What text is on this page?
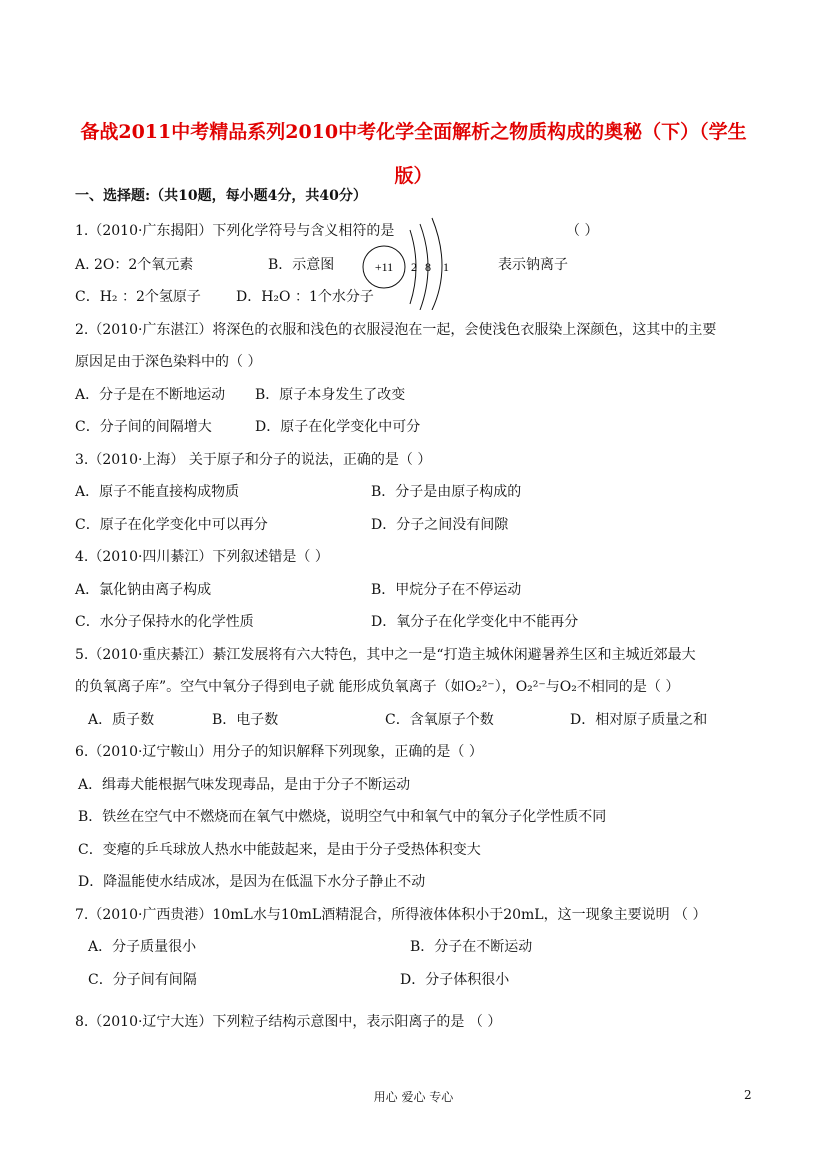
备战2011中考精品系列2010中考化学全面解析之物质构成的奥秘（下）（学生
版）
一、选择题:（共10题，每小题4分，共40分）
1.（2010·广东揭阳）下列化学符号与含义相符的是	（ ）
A. 2O：2个氧元素	B．示意图	表示钠离子
C．H₂ ：2个氢原子	D．H₂O ：1个水分子
+11 2 8 1
2.（2010·广东湛江）将深色的衣服和浅色的衣服浸泡在一起，会使浅色衣服染上深颜色，这其中的主要
原因足由于深色染料中的（ ）
A．分子是在不断地运动 B．原子本身发生了改变
C．分子间的间隔增大	D．原子在化学变化中可分
3.（2010·上海） 关于原子和分子的说法，正确的是（ ）
A．原子不能直接构成物质	B．分子是由原子构成的
C．原子在化学变化中可以再分	D．分子之间没有间隙
4.（2010·四川綦江）下列叙述错是（ ）
A．氯化钠由离子构成	B．甲烷分子在不停运动
C．水分子保持水的化学性质	D．氧分子在化学变化中不能再分
5.（2010·重庆綦江）綦江发展将有六大特色，其中之一是“打造主城休闲避暑养生区和主城近郊最大
的负氧离子库”。空气中氧分子得到电子就 能形成负氧离子（如O₂²⁻），O₂²⁻与O₂不相同的是（ ）
A．质子数	B．电子数	C．含氧原子个数	D．相对原子质量之和
6.（2010·辽宁鞍山）用分子的知识解释下列现象，正确的是（ ）
A．缉毒犬能根据气味发现毒品，是由于分子不断运动
B．铁丝在空气中不燃烧而在氧气中燃烧，说明空气中和氧气中的氧分子化学性质不同
C．变瘪的乒乓球放人热水中能鼓起来，是由于分子受热体积变大
D．降温能使水结成冰，是因为在低温下水分子静止不动
7.（2010·广西贵港）10mL水与10mL酒精混合，所得液体体积小于20mL，这一现象主要说明 （ ）
A．分子质量很小	B．分子在不断运动
C．分子间有间隔	D．分子体积很小
8.（2010·辽宁大连）下列粒子结构示意图中，表示阳离子的是 （ ）
用心 爱心 专心	2
